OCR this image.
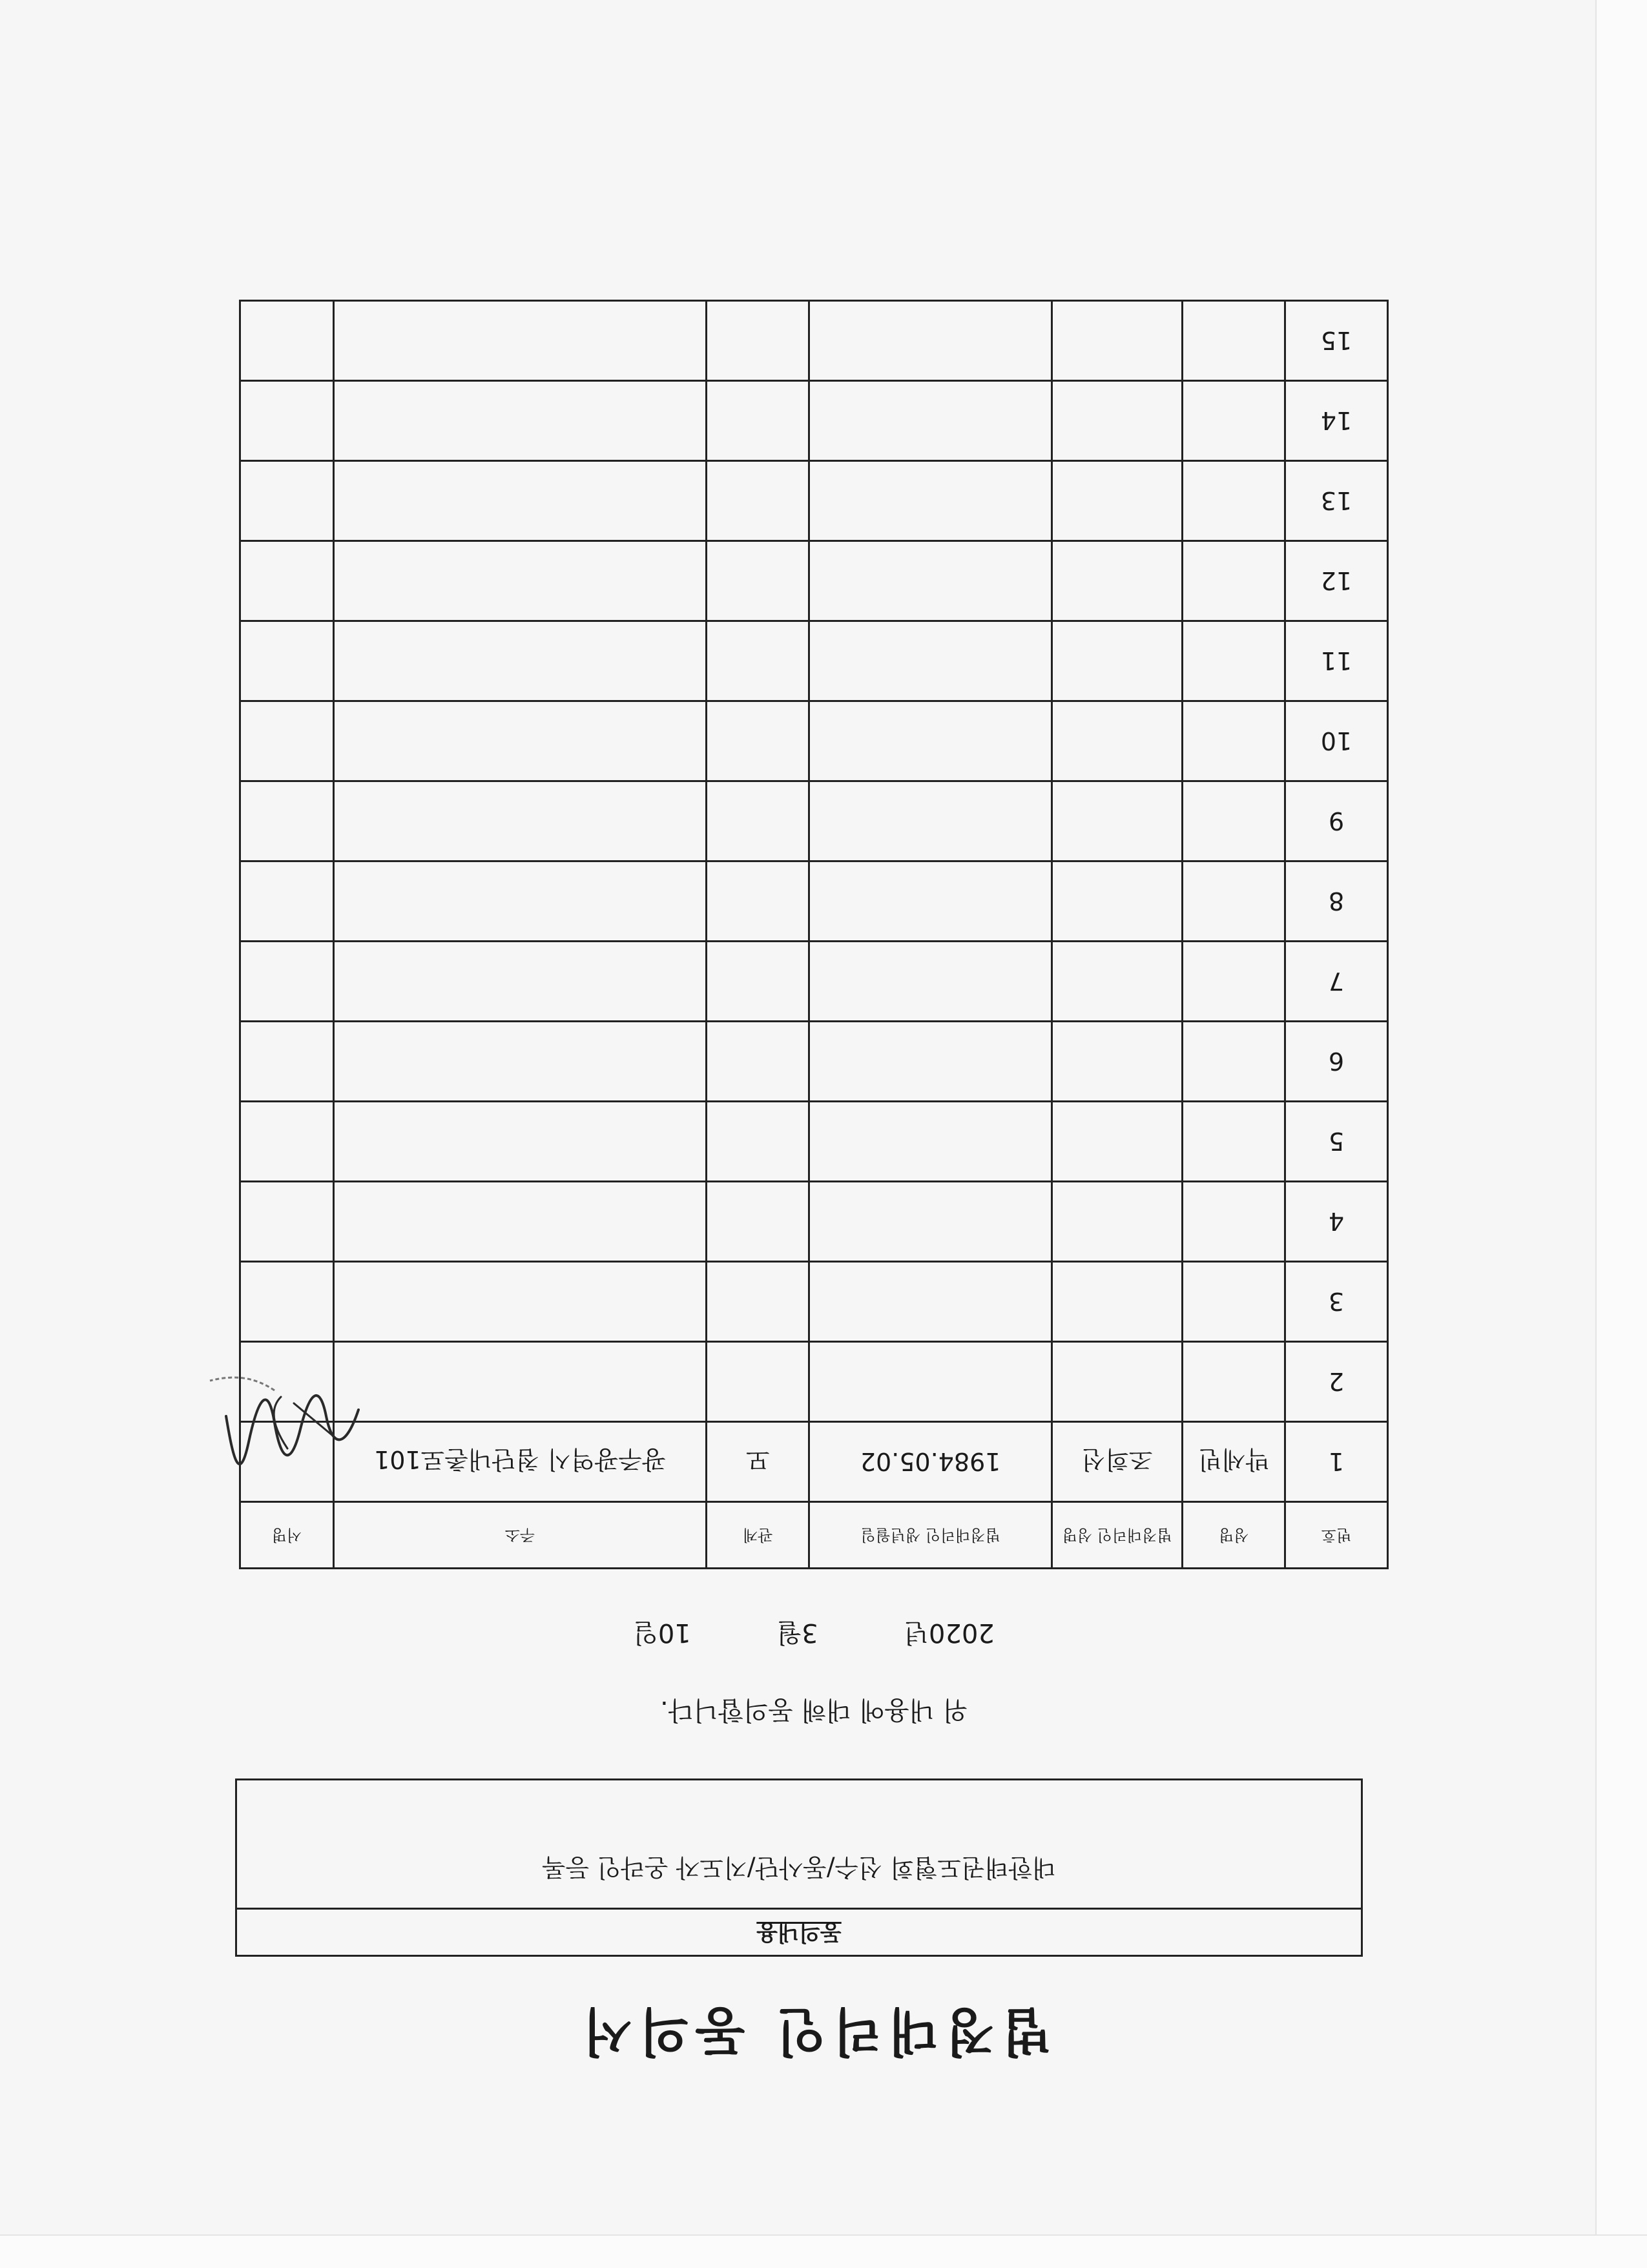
법정대리인 동의서
동의내용
대한태권도협회 선수/동사단/지도자 온라인 등록
위 내용에 대해 동의합니다.
2020년 3월 10일
번호	성명	법정대리인 성명	법정대리인 생년월일	관계	주소	서명
1	박세빈	조희선	1984.05.02	모	광주광역시 첨단내촌로101	

2						
3						
4						
5						
6						
7						
8						
9						
10						
11						
12						
13						
14						
15						
